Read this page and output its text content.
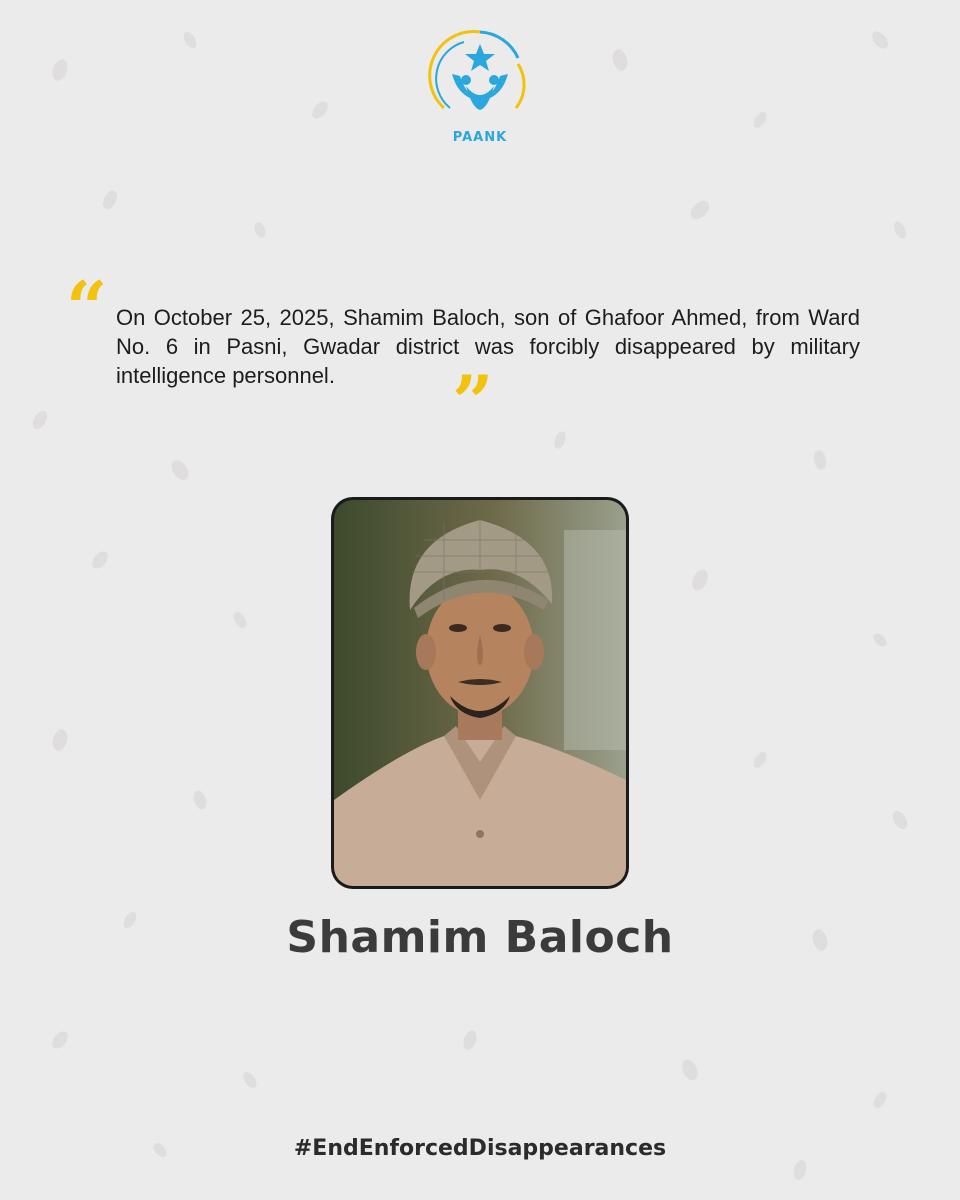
PAANK
“ On October 25, 2025, Shamim Baloch, son of Ghafoor Ahmed, from Ward No. 6 in Pasni, Gwadar district was forcibly disappeared by military intelligence personnel.	”
Shamim Baloch

#EndEnforcedDisappearances
